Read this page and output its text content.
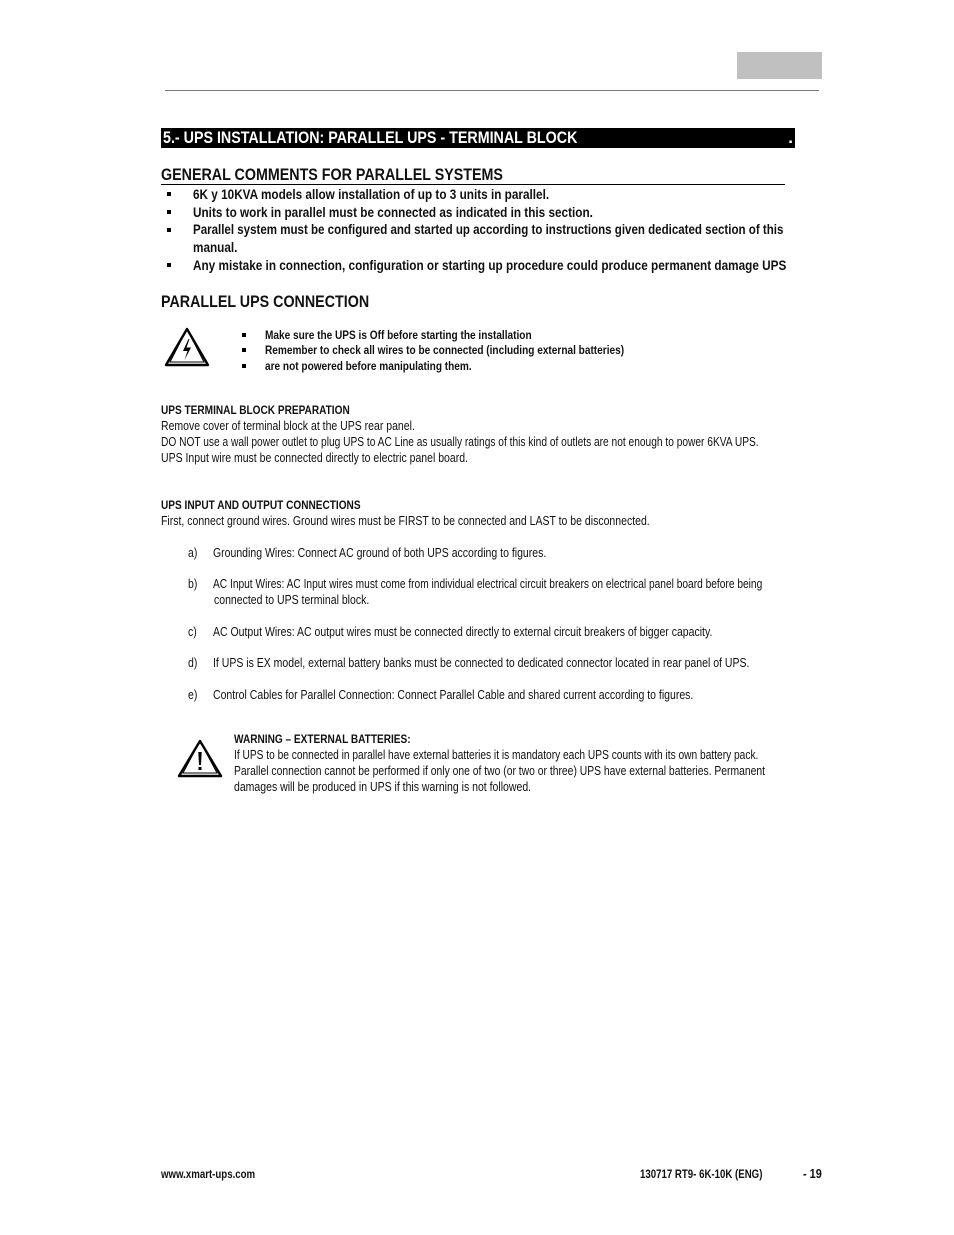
5.- UPS INSTALLATION: PARALLEL UPS - TERMINAL BLOCK	.
GENERAL COMMENTS FOR PARALLEL SYSTEMS
6K y 10KVA models allow installation of up to 3 units in parallel.
Units to work in parallel must be connected as indicated in this section.
Parallel system must be configured and started up according to instructions given dedicated section of this
manual.
Any mistake in connection, configuration or starting up procedure could produce permanent damage UPS
PARALLEL UPS CONNECTION
Make sure the UPS is Off before starting the installation
Remember to check all wires to be connected (including external batteries)
are not powered before manipulating them.
UPS TERMINAL BLOCK PREPARATION
Remove cover of terminal block at the UPS rear panel.
DO NOT use a wall power outlet to plug UPS to AC Line as usually ratings of this kind of outlets are not enough to power 6KVA UPS.
UPS Input wire must be connected directly to electric panel board.
UPS INPUT AND OUTPUT CONNECTIONS
First, connect ground wires. Ground wires must be FIRST to be connected and LAST to be disconnected.
a) Grounding Wires: Connect AC ground of both UPS according to figures.
b) AC Input Wires: AC Input wires must come from individual electrical circuit breakers on electrical panel board before being
connected to UPS terminal block.
c) AC Output Wires: AC output wires must be connected directly to external circuit breakers of bigger capacity.
d) If UPS is EX model, external battery banks must be connected to dedicated connector located in rear panel of UPS.
e) Control Cables for Parallel Connection: Connect Parallel Cable and shared current according to figures.
WARNING – EXTERNAL BATTERIES:
If UPS to be connected in parallel have external batteries it is mandatory each UPS counts with its own battery pack.
Parallel connection cannot be performed if only one of two (or two or three) UPS have external batteries. Permanent
damages will be produced in UPS if this warning is not followed.
www.xmart-ups.com	130717 RT9- 6K-10K (ENG)	- 19
